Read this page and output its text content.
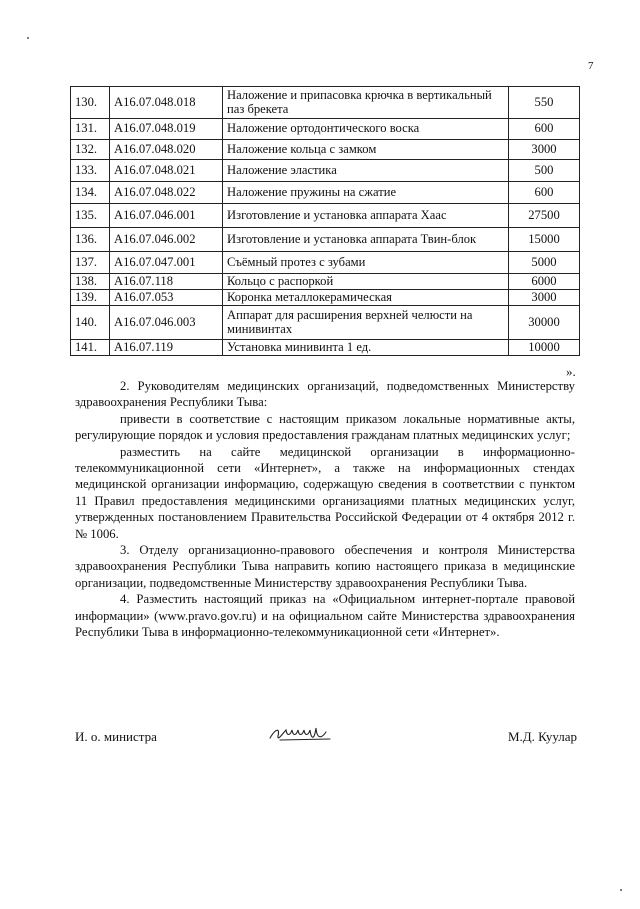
7
130.	A16.07.048.018	Наложение и припасовка крючка в вертикальный паз брекета	550
131.	A16.07.048.019	Наложение ортодонтического воска	600
132.	A16.07.048.020	Наложение кольца с замком	3000
133.	A16.07.048.021	Наложение эластика	500
134.	A16.07.048.022	Наложение пружины на сжатие	600
135.	A16.07.046.001	Изготовление и установка аппарата Хаас	27500
136.	A16.07.046.002	Изготовление и установка аппарата Твин-блок	15000
137.	A16.07.047.001	Съёмный протез с зубами	5000
138.	A16.07.118	Кольцо с распоркой	6000
139.	A16.07.053	Коронка металлокерамическая	3000
140.	A16.07.046.003	Аппарат для расширения верхней челюсти на минивинтах	30000
141.	A16.07.119	Установка минивинта 1 ед.	10000
».

2. Руководителям медицинских организаций, подведомственных Министерству здравоохранения Республики Тыва:

привести в соответствие с настоящим приказом локальные нормативные акты, регулирующие порядок и условия предоставления гражданам платных медицинских услуг;

разместить на сайте медицинской организации в информационно-телекоммуникационной сети «Интернет», а также на информационных стендах медицинской организации информацию, содержащую сведения в соответствии с пунктом 11 Правил предоставления медицинскими организациями платных медицинских услуг, утвержденных постановлением Правительства Российской Федерации от 4 октября 2012 г. № 1006.

3. Отделу организационно-правового обеспечения и контроля Министерства здравоохранения Республики Тыва направить копию настоящего приказа в медицинские организации, подведомственные Министерству здравоохранения Республики Тыва.

4. Разместить настоящий приказ на «Официальном интернет-портале правовой информации» (www.pravo.gov.ru) и на официальном сайте Министерства здравоохранения Республики Тыва в информационно-телекоммуникационной сети «Интернет».

И. о. министра	М.Д. Куулар
